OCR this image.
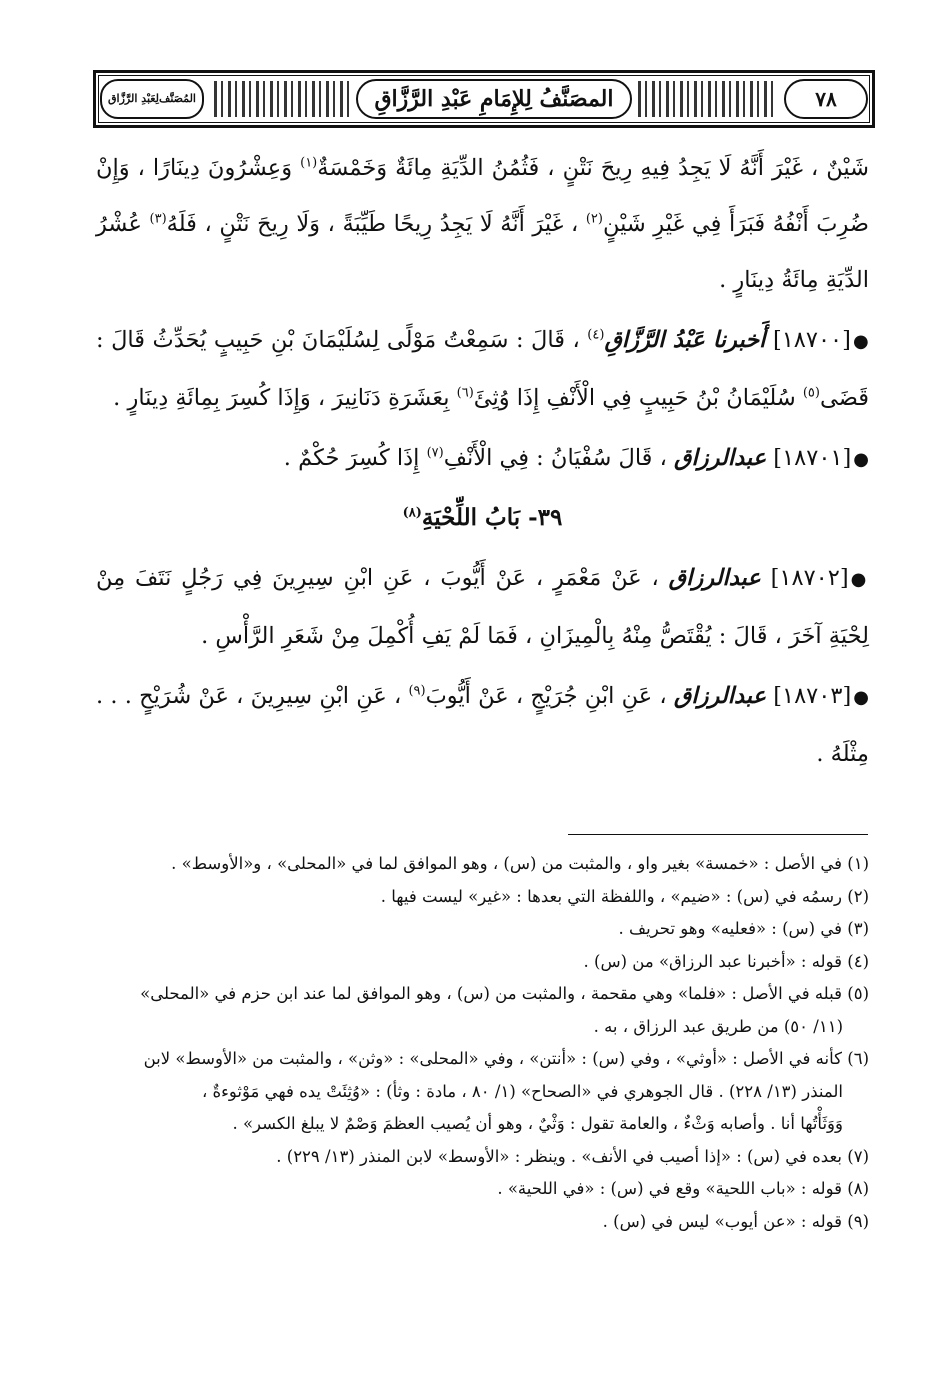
المُصَنَّف
لِعَبْدِ الرَّزَّاق	المصَنَّفُ لِلإِمَامِ عَبْدِ الرَّزَّاقِ	٧٨

شَيْنٌ ، غَيْرَ أَنَّهُ لَا يَجِدُ فِيهِ رِيحَ نَتْنٍ ، فَثُمُنُ الدِّيَةِ مِائَةٌ وَخَمْسَةٌ$^{(١)}$ وَعِشْرُونَ دِينَارًا ، وَإِنْ ضُرِبَ أَنْفُهُ فَبَرَأَ فِي غَيْرِ شَيْنٍ$^{(٢)}$ ، غَيْرَ أَنَّهُ لَا يَجِدُ رِيحًا طَيِّبَةً ، وَلَا رِيحَ نَتْنٍ ، فَلَهُ$^{(٣)}$ عُشْرُ الدِّيَةِ مِائَةُ دِينَارٍ .

●[١٨٧٠٠] أَخبرنا عَبْدُ الرَّزَّاقِ$^{(٤)}$ ، قَالَ : سَمِعْتُ مَوْلًى لِسُلَيْمَانَ بْنِ حَبِيبٍ يُحَدِّثُ قَالَ : قَضَى$^{(٥)}$ سُلَيْمَانُ بْنُ حَبِيبٍ فِي الْأَنْفِ إِذَا وُثِئَ$^{(٦)}$ بِعَشَرَةِ دَنَانِيرَ ، وَإِذَا كُسِرَ بِمِائَةِ دِينَارٍ .

●[١٨٧٠١] عبدالرزاق ، قَالَ سُفْيَانُ : فِي الْأَنْفِ$^{(٧)}$ إِذَا كُسِرَ حُكْمٌ .

٣٩- بَابُ اللِّحْيَةِ$^{(٨)}$

●[١٨٧٠٢] عبدالرزاق ، عَنْ مَعْمَرٍ ، عَنْ أَيُّوبَ ، عَنِ ابْنِ سِيرِينَ فِي رَجُلٍ نَتَفَ مِنْ لِحْيَةِ آخَرَ ، قَالَ : يُقْتَصُّ مِنْهُ بِالْمِيزَانِ ، فَمَا لَمْ يَفِ أُكْمِلَ مِنْ شَعَرِ الرَّأْسِ .

●[١٨٧٠٣] عبدالرزاق ، عَنِ ابْنِ جُرَيْجٍ ، عَنْ أَيُّوبَ$^{(٩)}$ ، عَنِ ابْنِ سِيرِينَ ، عَنْ شُرَيْحٍ . . . مِثْلَهُ .

(١) في الأصل : «خمسة» بغير واو ، والمثبت من (س) ، وهو الموافق لما في «المحلى» ، و«الأوسط» .

(٢) رسمُه في (س) : «ضيم» ، واللفظة التي بعدها : «غير» ليست فيها .

(٣) في (س) : «فعليه» وهو تحريف .

(٤) قوله : «أخبرنا عبد الرزاق» من (س) .

(٥) قبله في الأصل : «فلما» وهي مقحمة ، والمثبت من (س) ، وهو الموافق لما عند ابن حزم في «المحلى»

(١١/ ٥٠) من طريق عبد الرزاق ، به .

(٦) كأنه في الأصل : «أوثي» ، وفي (س) : «أنتن» ، وفي «المحلى» : «وثن» ، والمثبت من «الأوسط» لابن

المنذر (١٣/ ٢٢٨) . قال الجوهري في «الصحاح» (١/ ٨٠ ، مادة : وثأ) : «وُثِئَتْ يده فهي مَوْثوءةٌ ،

وَوَثَأْتُها أنا . وأصابه وَثْءٌ ، والعامة تقول : وَثْيٌ ، وهو أن يُصيب العظمَ وَصْمٌ لا يبلغ الكسر» .

(٧) بعده في (س) : «إذا أصيب في الأنف» . وينظر : «الأوسط» لابن المنذر (١٣/ ٢٢٩) .

(٨) قوله : «باب اللحية» وقع في (س) : «في اللحية» .

(٩) قوله : «عن أيوب» ليس في (س) .
